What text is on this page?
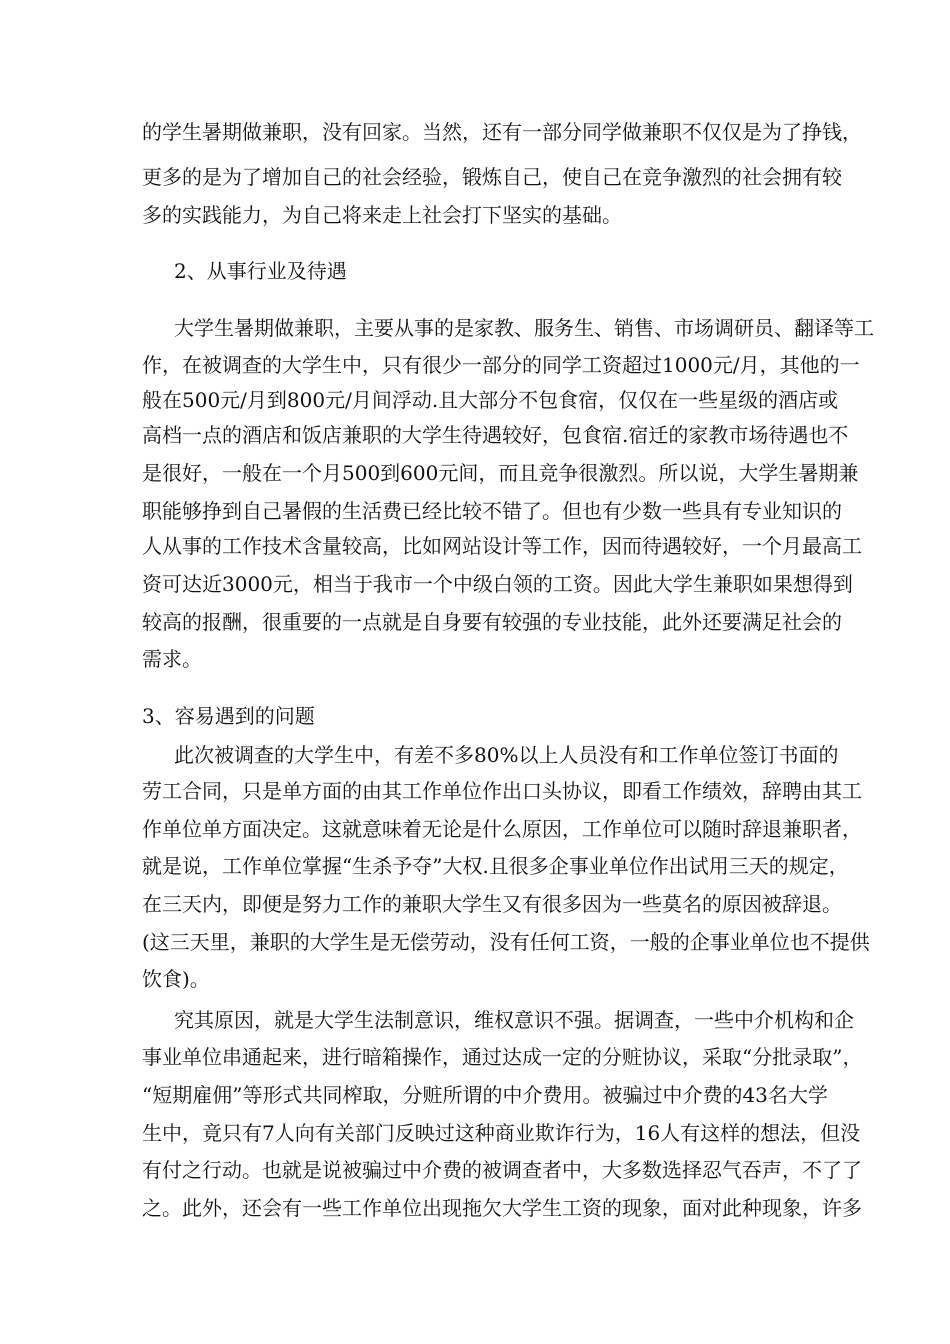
的学生暑期做兼职，没有回家。当然，还有一部分同学做兼职不仅仅是为了挣钱，
更多的是为了增加自己的社会经验，锻炼自己，使自己在竞争激烈的社会拥有较
多的实践能力，为自己将来走上社会打下坚实的基础。
2、从事行业及待遇
大学生暑期做兼职，主要从事的是家教、服务生、销售、市场调研员、翻译等工
作，在被调查的大学生中，只有很少一部分的同学工资超过1000元/月，其他的一
般在500元/月到800元/月间浮动.且大部分不包食宿，仅仅在一些星级的酒店或
高档一点的酒店和饭店兼职的大学生待遇较好，包食宿.宿迁的家教市场待遇也不
是很好，一般在一个月500到600元间，而且竞争很激烈。所以说，大学生暑期兼
职能够挣到自己暑假的生活费已经比较不错了。但也有少数一些具有专业知识的
人从事的工作技术含量较高，比如网站设计等工作，因而待遇较好，一个月最高工
资可达近3000元，相当于我市一个中级白领的工资。因此大学生兼职如果想得到
较高的报酬，很重要的一点就是自身要有较强的专业技能，此外还要满足社会的
需求。
3、容易遇到的问题
此次被调查的大学生中，有差不多80%以上人员没有和工作单位签订书面的
劳工合同，只是单方面的由其工作单位作出口头协议，即看工作绩效，辞聘由其工
作单位单方面决定。这就意味着无论是什么原因，工作单位可以随时辞退兼职者，
就是说，工作单位掌握“生杀予夺”大权.且很多企事业单位作出试用三天的规定，
在三天内，即便是努力工作的兼职大学生又有很多因为一些莫名的原因被辞退。
(这三天里，兼职的大学生是无偿劳动，没有任何工资，一般的企事业单位也不提供
饮食)。
究其原因，就是大学生法制意识，维权意识不强。据调查，一些中介机构和企
事业单位串通起来，进行暗箱操作，通过达成一定的分赃协议，采取“分批录取”，
“短期雇佣”等形式共同榨取，分赃所谓的中介费用。被骗过中介费的43名大学
生中，竟只有7人向有关部门反映过这种商业欺诈行为，16人有这样的想法，但没
有付之行动。也就是说被骗过中介费的被调查者中，大多数选择忍气吞声，不了了
之。此外，还会有一些工作单位出现拖欠大学生工资的现象，面对此种现象，许多
